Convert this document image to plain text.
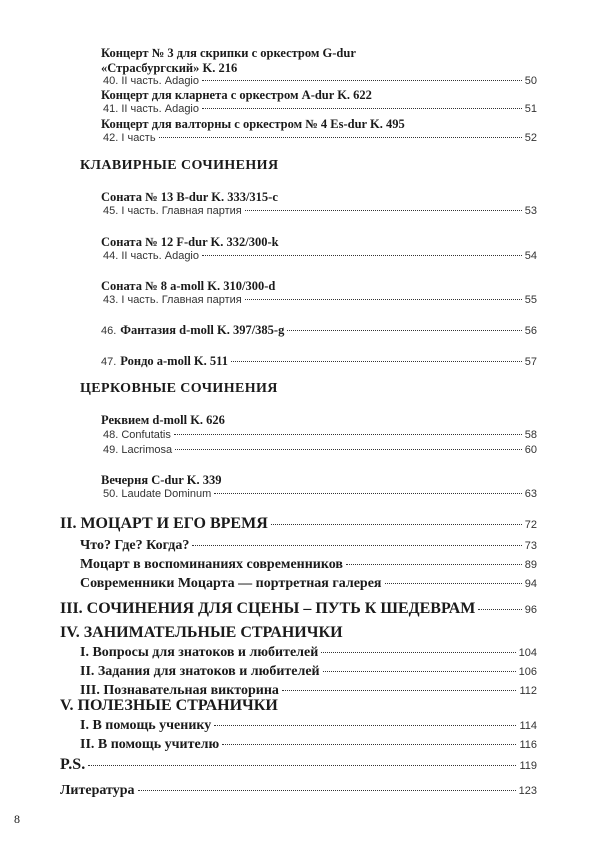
Концерт № 3 для скрипки с оркестром G-dur
«Страсбургский» K. 216
40. II часть. Adagio	50
Концерт для кларнета с оркестром A-dur K. 622
41. II часть. Adagio	51
Концерт для валторны с оркестром № 4 Es-dur K. 495
42. I часть	52
КЛАВИРНЫЕ СОЧИНЕНИЯ
Соната № 13 B-dur K. 333/315-c
45. I часть. Главная партия	53
Соната № 12 F-dur K. 332/300-k
44. II часть. Adagio	54
Соната № 8 a-moll K. 310/300-d
43. I часть. Главная партия	55
46. Фантазия d-moll K. 397/385-g	56
47. Рондо a-moll K. 511	57
ЦЕРКОВНЫЕ СОЧИНЕНИЯ
Реквием d-moll K. 626
48. Confutatis	58
49. Lacrimosa	60
Вечерня C-dur K. 339
50. Laudate Dominum	63
II. МОЦАРТ И ЕГО ВРЕМЯ	72
Что? Где? Когда?	73
Моцарт в воспоминаниях современников	89
Современники Моцарта — портретная галерея	94
III. СОЧИНЕНИЯ ДЛЯ СЦЕНЫ – ПУТЬ К ШЕДЕВРАМ	96
IV. ЗАНИМАТЕЛЬНЫЕ СТРАНИЧКИ
I. Вопросы для знатоков и любителей	104
II. Задания для знатоков и любителей	106
III. Познавательная викторина	112
V. ПОЛЕЗНЫЕ СТРАНИЧКИ
I. В помощь ученику	114
II. В помощь учителю	116
P.S.	119
Литература	123
8
